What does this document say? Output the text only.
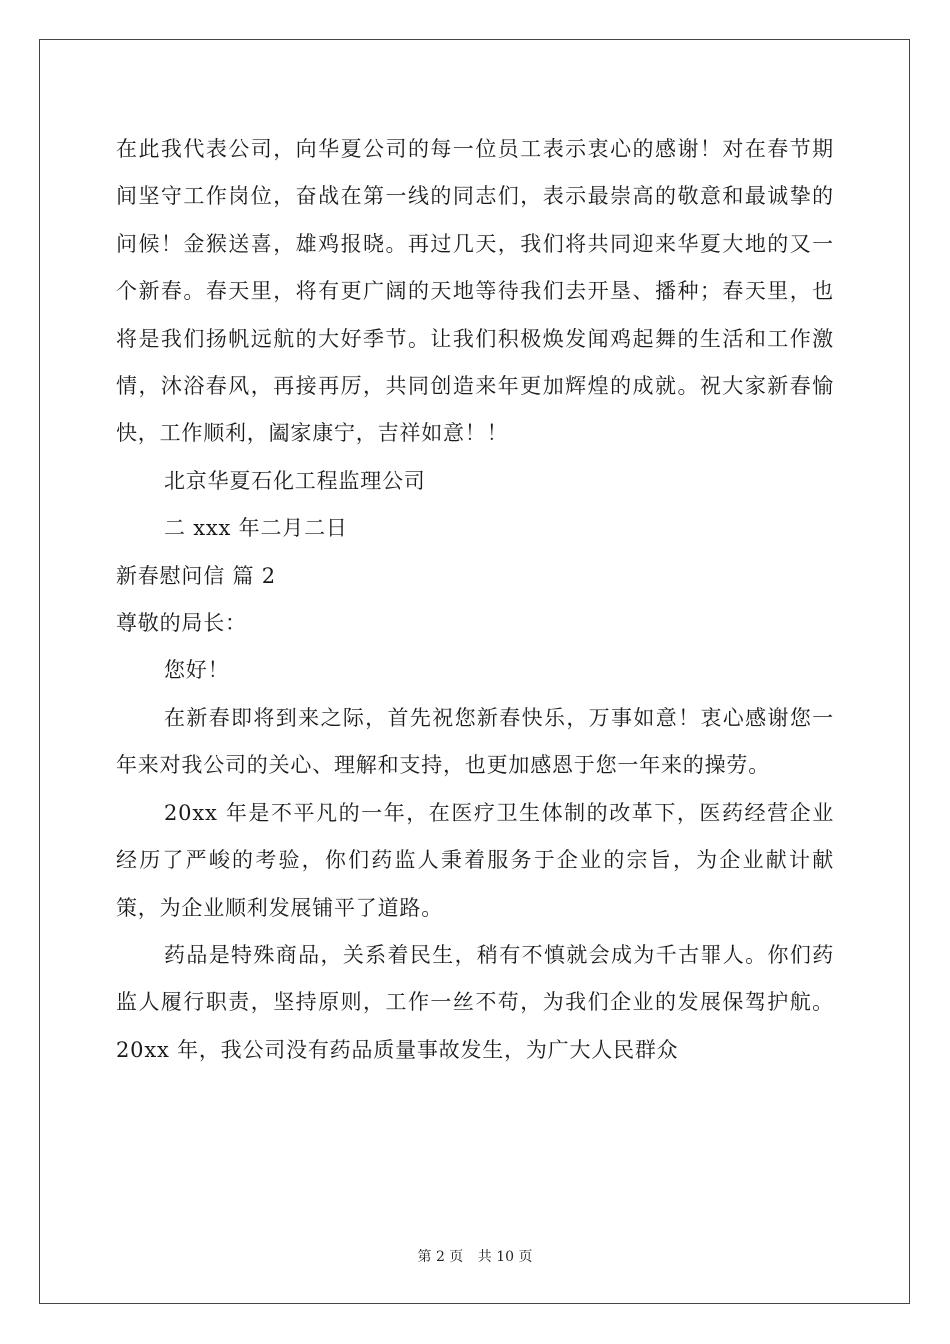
在此我代表公司，向华夏公司的每一位员工表示衷心的感谢！对在春节期间坚守工作岗位，奋战在第一线的同志们，表示最崇高的敬意和最诚挚的问候！金猴送喜，雄鸡报晓。再过几天，我们将共同迎来华夏大地的又一个新春。春天里，将有更广阔的天地等待我们去开垦、播种；春天里，也将是我们扬帆远航的大好季节。让我们积极焕发闻鸡起舞的生活和工作激情，沐浴春风，再接再厉，共同创造来年更加辉煌的成就。祝大家新春愉快，工作顺利，阖家康宁，吉祥如意！！

北京华夏石化工程监理公司

二 xxx 年二月二日

新春慰问信 篇 2

尊敬的局长：

您好！

在新春即将到来之际，首先祝您新春快乐，万事如意！衷心感谢您一年来对我公司的关心、理解和支持，也更加感恩于您一年来的操劳。

20xx 年是不平凡的一年，在医疗卫生体制的改革下，医药经营企业经历了严峻的考验，你们药监人秉着服务于企业的宗旨，为企业献计献策，为企业顺利发展铺平了道路。

药品是特殊商品，关系着民生，稍有不慎就会成为千古罪人。你们药监人履行职责，坚持原则，工作一丝不苟，为我们企业的发展保驾护航。20xx 年，我公司没有药品质量事故发生，为广大人民群众

第 2 页 共 10 页
